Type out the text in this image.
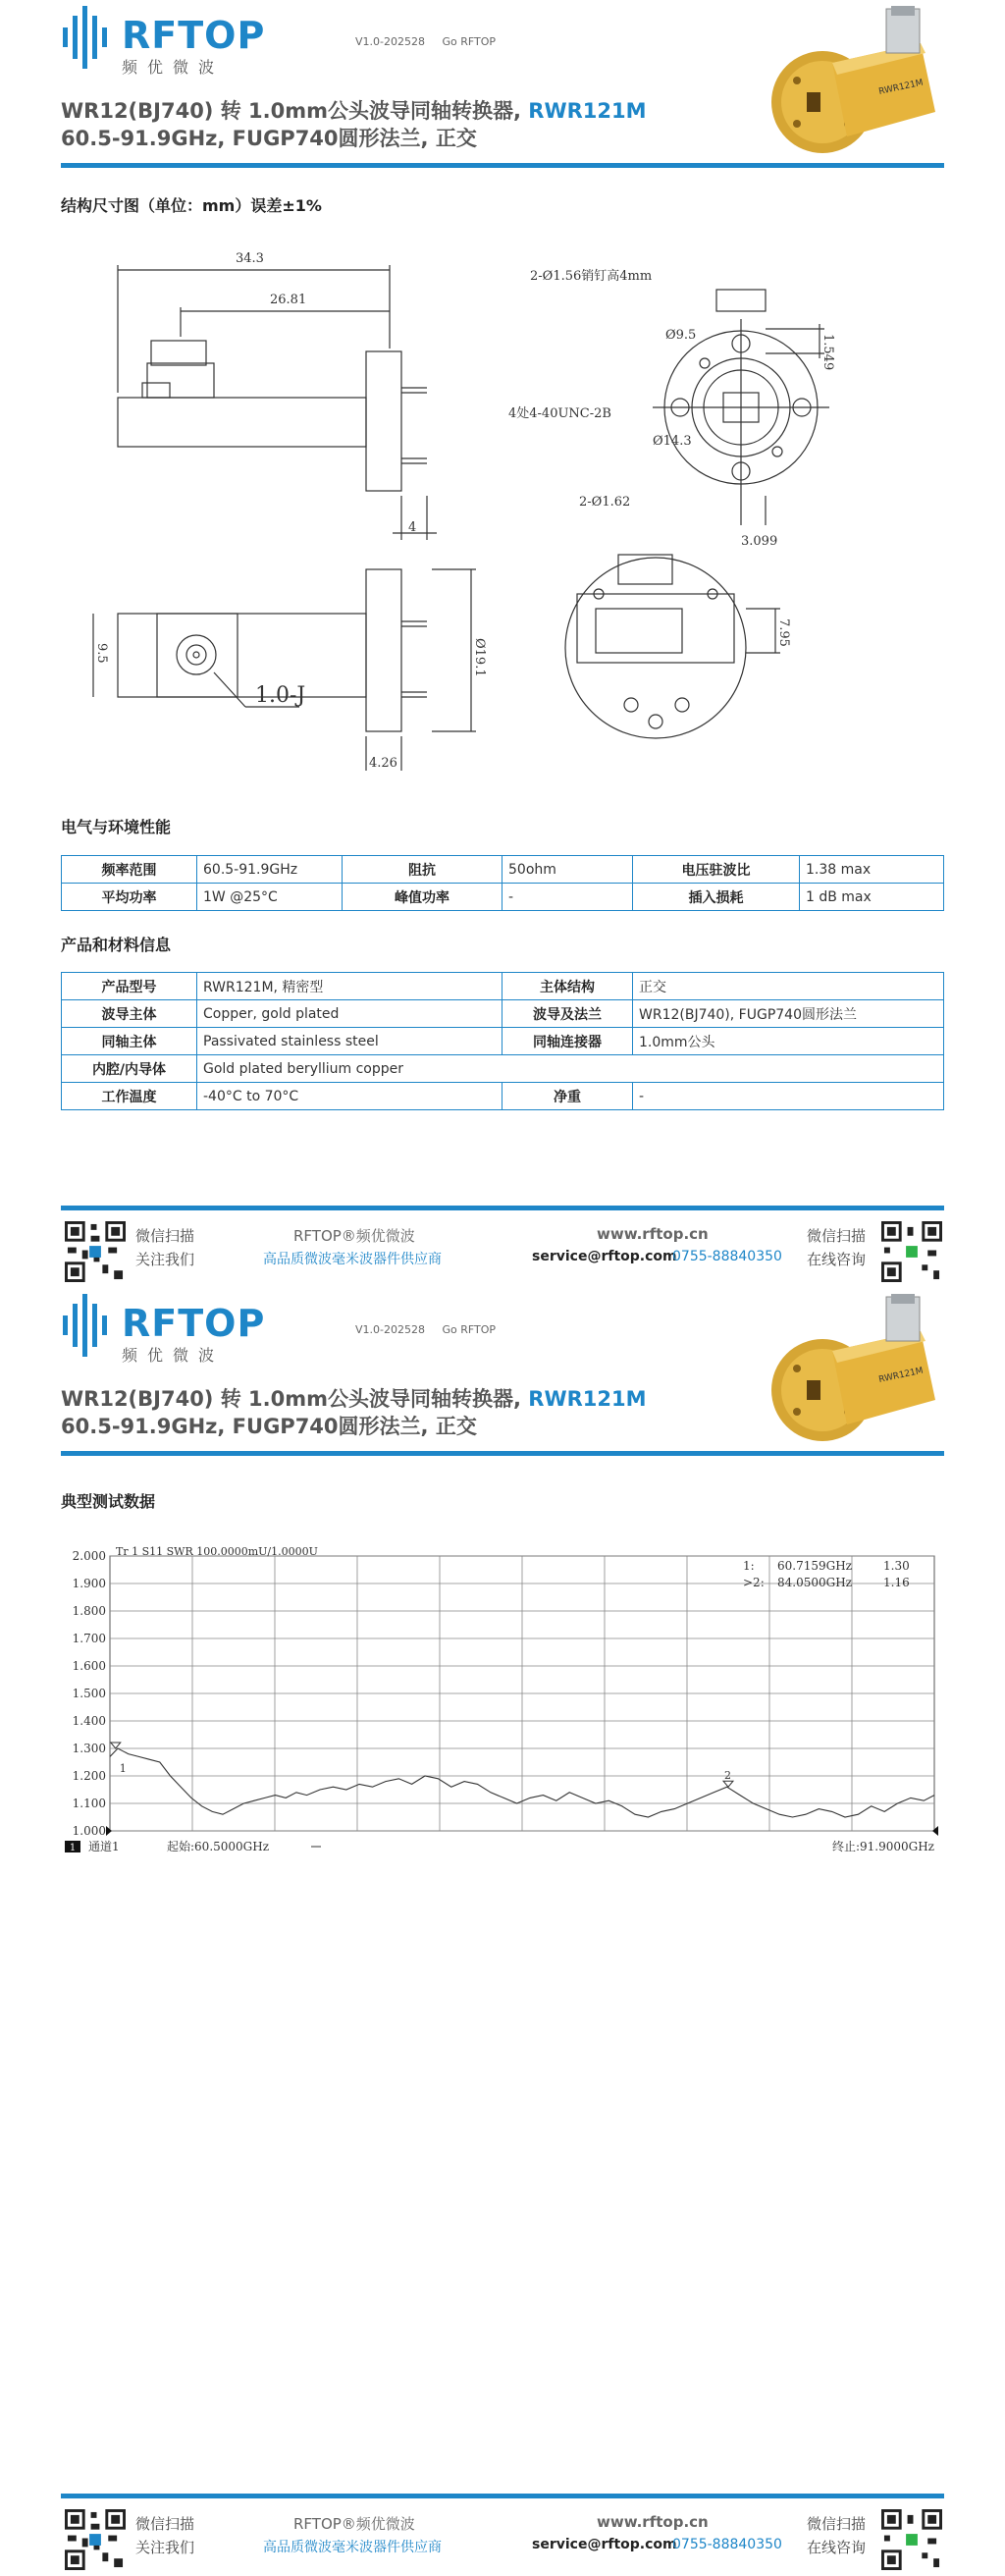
RFTOP
频优微波
V1.0-202528 Go RFTOP
RWR121M
WR12(BJ740) 转 1.0mm公头波导同轴转换器, RWR121M
60.5-91.9GHz, FUGP740圆形法兰, 正交
结构尺寸图（单位：mm）误差±1%
34.3
26.81
2-Ø1.56销钉高4mm
Ø9.5
4处4-40UNC-2B
Ø14.3
2-Ø1.62
3.099
1.549
4
9.5
1.0-J
Ø19.1
7.95
4.26
电气与环境性能
频率范围	60.5-91.9GHz	阻抗	50ohm	电压驻波比	1.38 max
平均功率	1W @25°C	峰值功率	-	插入损耗	1 dB max
产品和材料信息
产品型号	RWR121M, 精密型	主体结构	正交
波导主体	Copper, gold plated	波导及法兰	WR12(BJ740), FUGP740圆形法兰
同轴主体	Passivated stainless steel	同轴连接器	1.0mm公头
内腔/内导体	Gold plated beryllium copper		
工作温度	-40°C to 70°C	净重	-
微信扫描
关注我们
RFTOP®频优微波
高品质微波毫米波器件供应商
www.rftop.cn
service@rftop.com
0755-88840350
微信扫描
在线咨询
RFTOP
频优微波
V1.0-202528 Go RFTOP
RWR121M
WR12(BJ740) 转 1.0mm公头波导同轴转换器, RWR121M
60.5-91.9GHz, FUGP740圆形法兰, 正交
典型测试数据
微信扫描
关注我们
RFTOP®频优微波
高品质微波毫米波器件供应商
www.rftop.cn
service@rftop.com
0755-88840350
微信扫描
在线咨询
2.000
1.900
1.800
1.700
1.600
1.500
1.400
1.300
1.200
1.100
1.000
Tr 1 S11 SWR 100.0000mU/1.0000U
1
1: 60.7159GHz	1.30
2
>2: 84.0500GHz	1.16
1 通道1	起始:60.5000GHz	终止:91.9000GHz
